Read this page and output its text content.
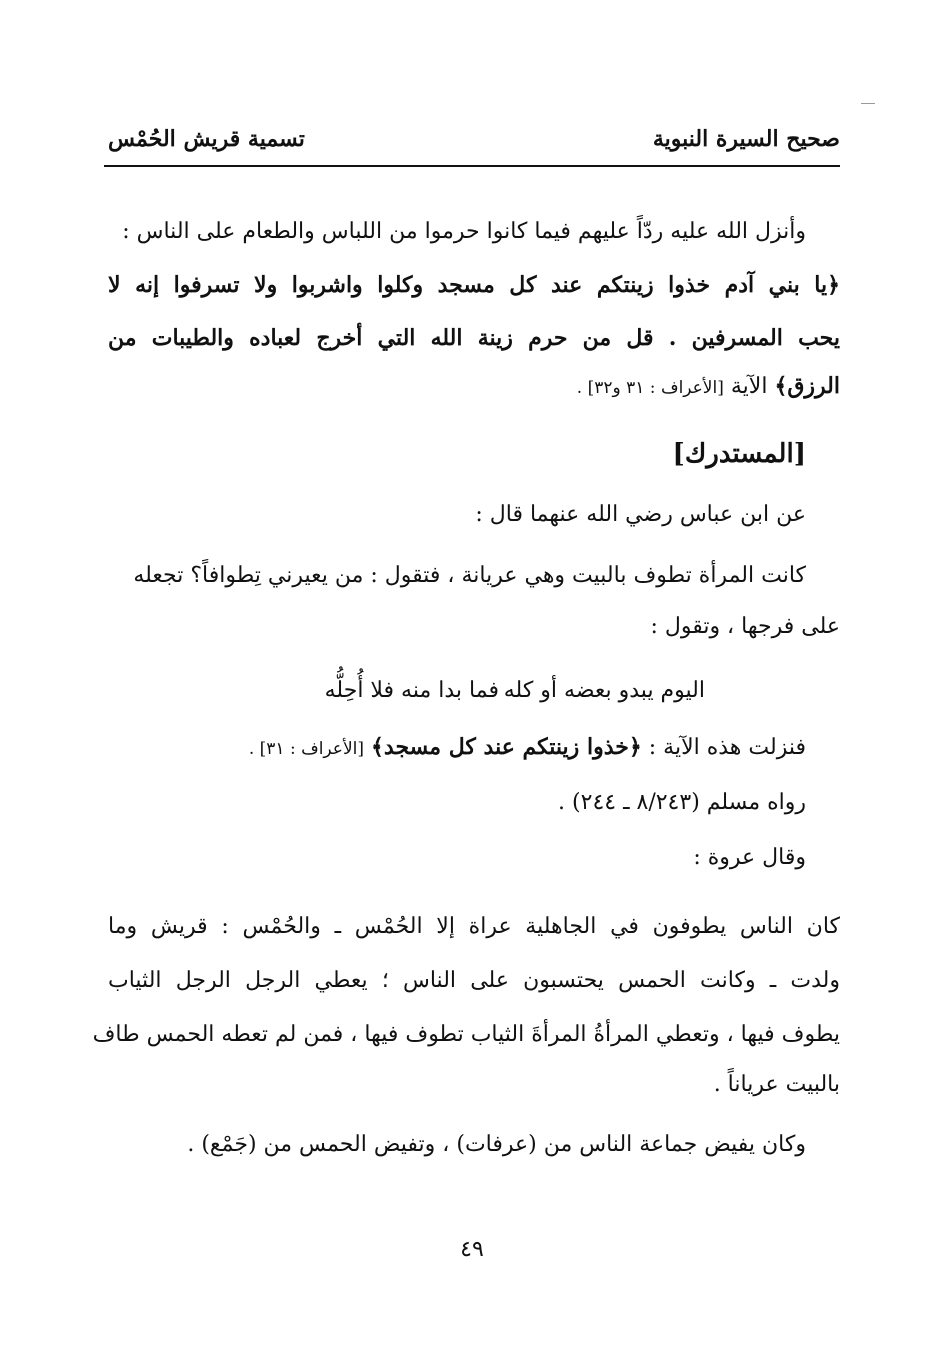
صحيح السيرة النبوية
تسمية قريش الحُمْس
وأنزل الله عليه ردّاً عليهم فيما كانوا حرموا من اللباس والطعام على الناس :
﴿يا بني آدم خذوا زينتكم عند كل مسجد وكلوا واشربوا ولا تسرفوا إنه لا
يحب المسرفين . قل من حرم زينة الله التي أخرج لعباده والطيبات من
الرزق﴾ الآية [الأعراف : ٣١ و٣٢] .
[المستدرك]
عن ابن عباس رضي الله عنهما قال :
كانت المرأة تطوف بالبيت وهي عريانة ، فتقول : من يعيرني تِطوافاً؟ تجعله
على فرجها ، وتقول :
اليوم يبدو بعضه أو كله
فما بدا منه فلا أُحِلُّه
فنزلت هذه الآية : ﴿خذوا زينتكم عند كل مسجد﴾ [الأعراف : ٣١] .
رواه مسلم (٨/٢٤٣ ـ ٢٤٤) .
وقال عروة :
كان الناس يطوفون في الجاهلية عراة إلا الحُمْس ـ والحُمْس : قريش وما
ولدت ـ وكانت الحمس يحتسبون على الناس ؛ يعطي الرجل الرجل الثياب
يطوف فيها ، وتعطي المرأةُ المرأةَ الثياب تطوف فيها ، فمن لم تعطه الحمس طاف
بالبيت عرياناً .
وكان يفيض جماعة الناس من (عرفات) ، وتفيض الحمس من (جَمْع) .
٤٩
